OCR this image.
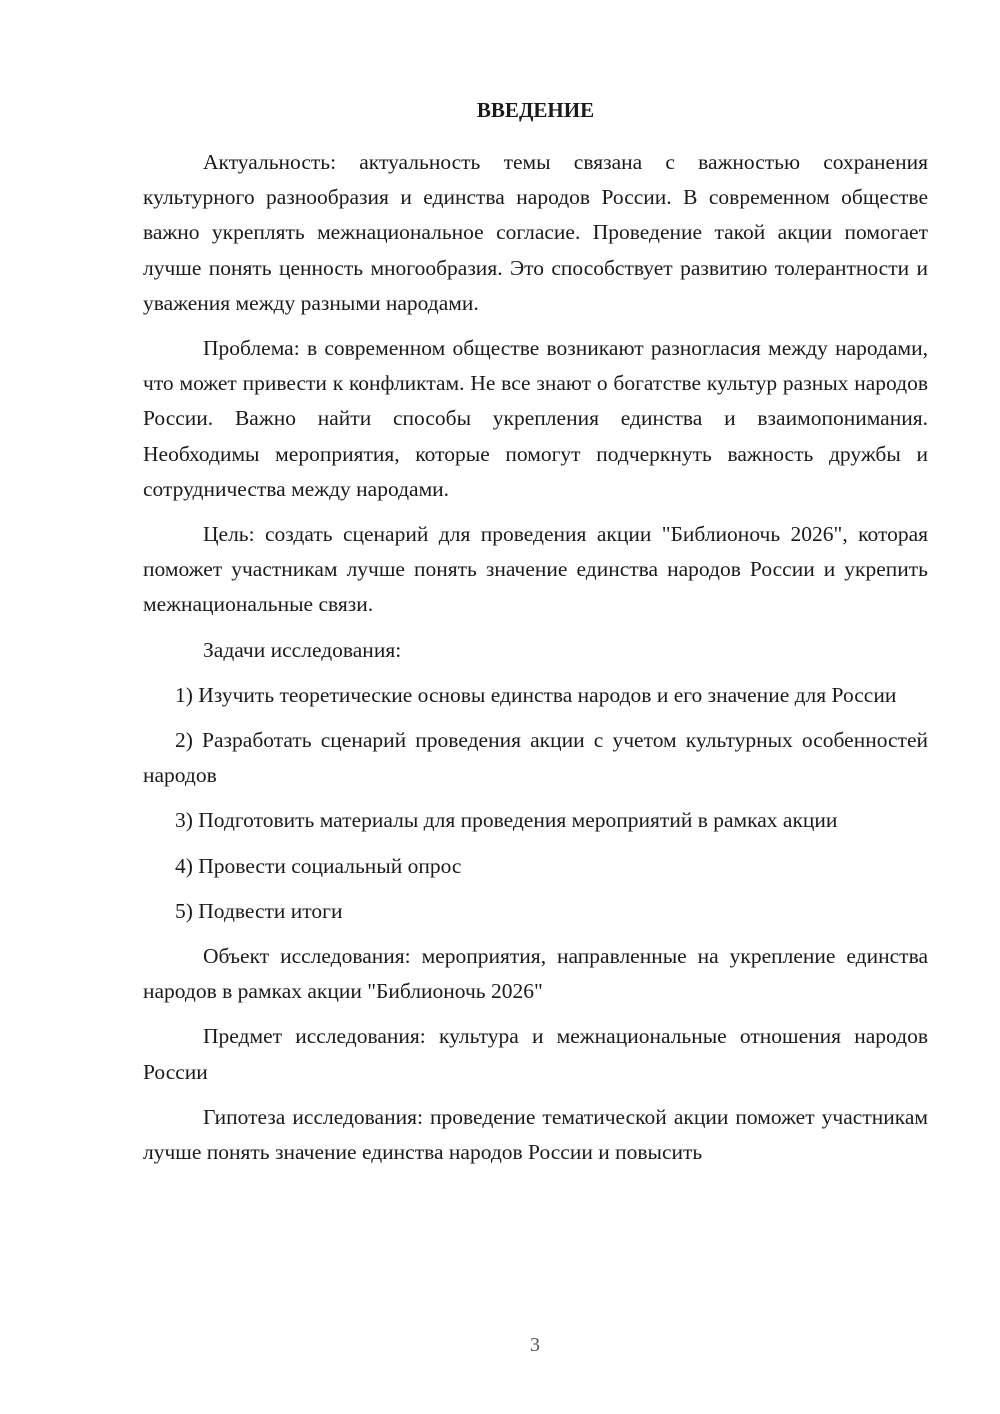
ВВЕДЕНИЕ

Актуальность: актуальность темы связана с важностью сохранения культурного разнообразия и единства народов России. В современном обществе важно укреплять межнациональное согласие. Проведение такой акции помогает лучше понять ценность многообразия. Это способствует развитию толерантности и уважения между разными народами.

Проблема: в современном обществе возникают разногласия между народами, что может привести к конфликтам. Не все знают о богатстве культур разных народов России. Важно найти способы укрепления единства и взаимопонимания. Необходимы мероприятия, которые помогут подчеркнуть важность дружбы и сотрудничества между народами.

Цель: создать сценарий для проведения акции "Библионочь 2026", которая поможет участникам лучше понять значение единства народов России и укрепить межнациональные связи.

Задачи исследования:

1) Изучить теоретические основы единства народов и его значение для России

2) Разработать сценарий проведения акции с учетом культурных особенностей народов

3) Подготовить материалы для проведения мероприятий в рамках акции

4) Провести социальный опрос

5) Подвести итоги

Объект исследования: мероприятия, направленные на укрепление единства народов в рамках акции "Библионочь 2026"

Предмет исследования: культура и межнациональные отношения народов России

Гипотеза исследования: проведение тематической акции поможет участникам лучше понять значение единства народов России и повысить

3
